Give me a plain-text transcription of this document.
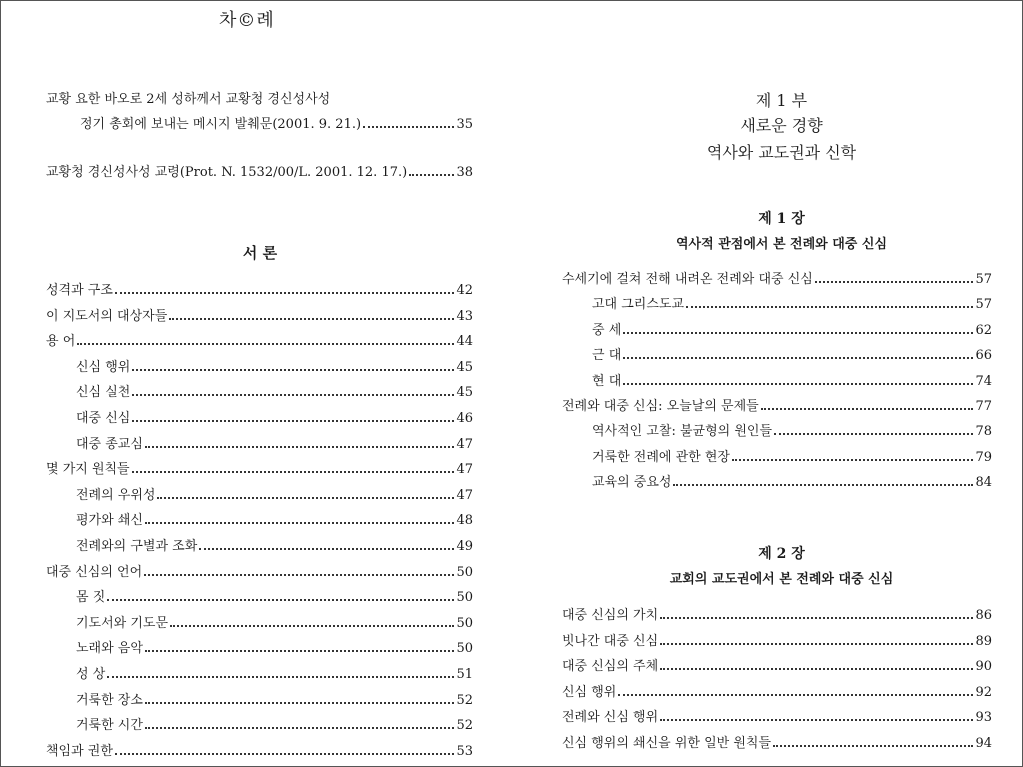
차©례
교황 요한 바오로 2세 성하께서 교황청 경신성사성
정기 총회에 보내는 메시지 발췌문(2001. 9. 21.)	35
교황청 경신성사성 교령(Prot. N. 1532/00/L. 2001. 12. 17.)	38
서 론
성격과 구조	42
이 지도서의 대상자들	43
용 어	44
신심 행위	45
신심 실천	45
대중 신심	46
대중 종교심	47
몇 가지 원칙들	47
전례의 우위성	47
평가와 쇄신	48
전례와의 구별과 조화	49
대중 신심의 언어	50
몸 짓	50
기도서와 기도문	50
노래와 음악	50
성 상	51
거룩한 장소	52
거룩한 시간	52
책임과 권한	53
제 1 부
새로운 경향
역사와 교도권과 신학
제 1 장
역사적 관점에서 본 전례와 대중 신심
수세기에 걸쳐 전해 내려온 전례와 대중 신심	57
고대 그리스도교	57
중 세	62
근 대	66
현 대	74
전례와 대중 신심: 오늘날의 문제들	77
역사적인 고찰: 불균형의 원인들	78
거룩한 전례에 관한 현장	79
교육의 중요성	84
제 2 장
교회의 교도권에서 본 전례와 대중 신심
대중 신심의 가치	86
빗나간 대중 신심	89
대중 신심의 주체	90
신심 행위	92
전례와 신심 행위	93
신심 행위의 쇄신을 위한 일반 원칙들	94
